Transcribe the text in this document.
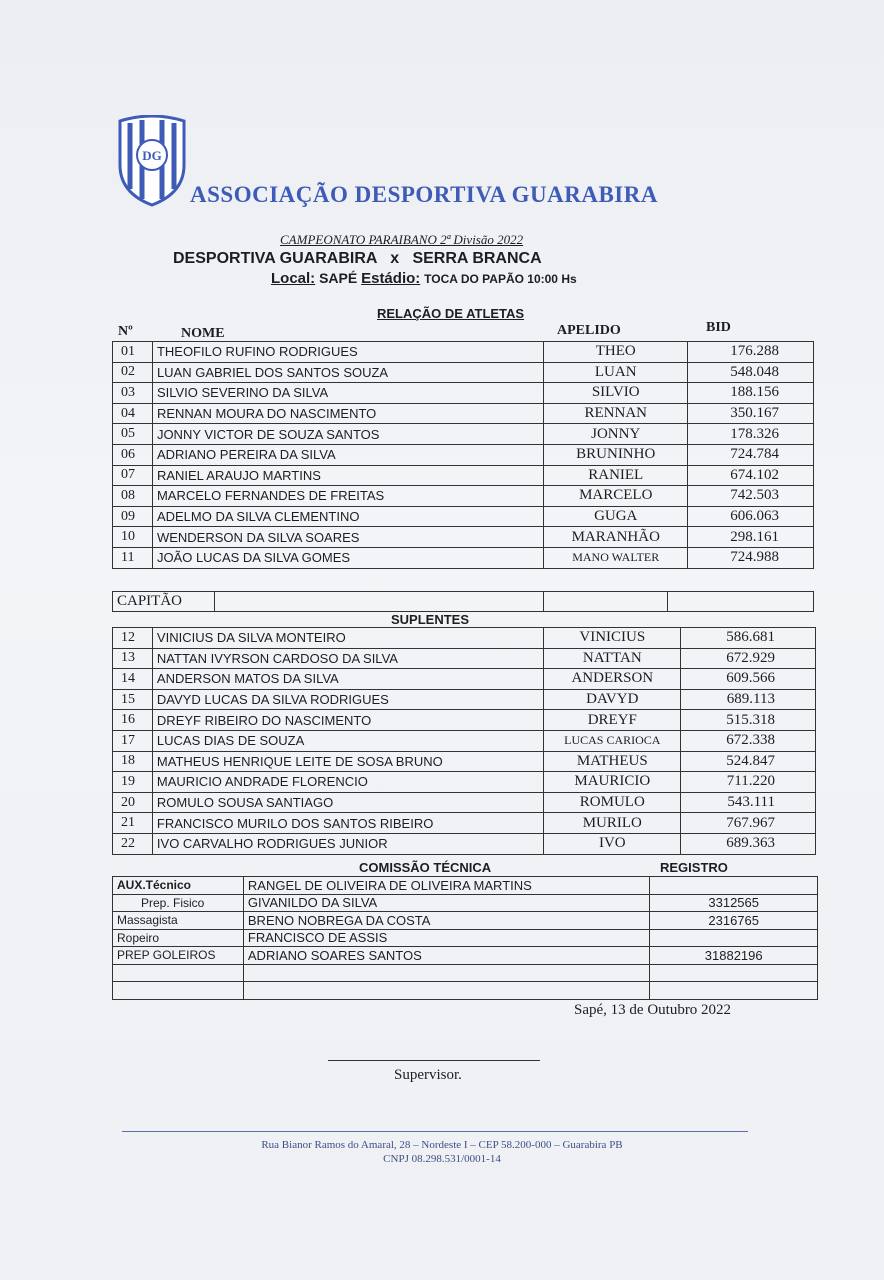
DG
ASSOCIAÇÃO DESPORTIVA GUARABIRA
CAMPEONATO PARAIBANO 2ª Divisão 2022
DESPORTIVA GUARABIRA x SERRA BRANCA
Local: SAPÉ Estádio: TOCA DO PAPÃO 10:00 Hs
RELAÇÃO DE ATLETAS
Nº	NOME	APELIDO	BID
01	THEOFILO RUFINO RODRIGUES	THEO	176.288
02	LUAN GABRIEL DOS SANTOS SOUZA	LUAN	548.048
03	SILVIO SEVERINO DA SILVA	SILVIO	188.156
04	RENNAN MOURA DO NASCIMENTO	RENNAN	350.167
05	JONNY VICTOR DE SOUZA SANTOS	JONNY	178.326
06	ADRIANO PEREIRA DA SILVA	BRUNINHO	724.784
07	RANIEL ARAUJO MARTINS	RANIEL	674.102
08	MARCELO FERNANDES DE FREITAS	MARCELO	742.503
09	ADELMO DA SILVA CLEMENTINO	GUGA	606.063
10	WENDERSON DA SILVA SOARES	MARANHÃO	298.161
11	JOÃO LUCAS DA SILVA GOMES	MANO WALTER	724.988
CAPITÃO			
SUPLENTES
12	VINICIUS DA SILVA MONTEIRO	VINICIUS	586.681
13	NATTAN IVYRSON CARDOSO DA SILVA	NATTAN	672.929
14	ANDERSON MATOS DA SILVA	ANDERSON	609.566
15	DAVYD LUCAS DA SILVA RODRIGUES	DAVYD	689.113
16	DREYF RIBEIRO DO NASCIMENTO	DREYF	515.318
17	LUCAS DIAS DE SOUZA	LUCAS CARIOCA	672.338
18	MATHEUS HENRIQUE LEITE DE SOSA BRUNO	MATHEUS	524.847
19	MAURICIO ANDRADE FLORENCIO	MAURICIO	711.220
20	ROMULO SOUSA SANTIAGO	ROMULO	543.111
21	FRANCISCO MURILO DOS SANTOS RIBEIRO	MURILO	767.967
22	IVO CARVALHO RODRIGUES JUNIOR	IVO	689.363
COMISSÃO TÉCNICA	REGISTRO
AUX.Técnico	RANGEL DE OLIVEIRA DE OLIVEIRA MARTINS	
Prep. Fisico	GIVANILDO DA SILVA	3312565
Massagista	BRENO NOBREGA DA COSTA	2316765
Ropeiro	FRANCISCO DE ASSIS	
PREP GOLEIROS	ADRIANO SOARES SANTOS	31882196

Sapé, 13 de Outubro 2022
Supervisor.
Rua Bianor Ramos do Amaral, 28 – Nordeste I – CEP 58.200-000 – Guarabira PB
CNPJ 08.298.531/0001-14
